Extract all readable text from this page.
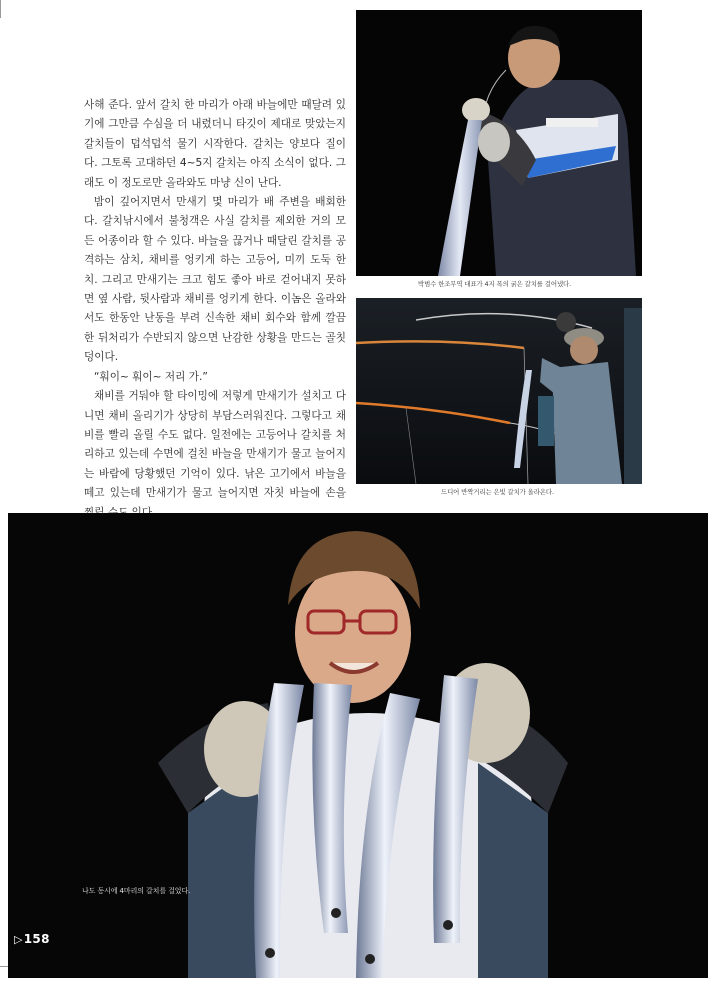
사해 준다. 앞서 갈치 한 마리가 아래 바늘에만 때달려 있기에 그만큼 수심을 더 내렸더니 타깃이 제대로 맞았는지 갈치들이 덥석덥석 물기 시작한다. 갈치는 양보다 질이다. 그토록 고대하던 4~5지 갈치는 아직 소식이 없다. 그래도 이 정도로만 올라와도 마냥 신이 난다.

밤이 깊어지면서 만새기 몇 마리가 배 주변을 배회한다. 갈치낚시에서 불청객은 사실 갈치를 제외한 거의 모든 어종이라 할 수 있다. 바늘을 끊거나 때달린 갈치를 공격하는 삼치, 채비를 엉키게 하는 고등어, 미끼 도둑 한치. 그리고 만새기는 크고 힘도 좋아 바로 걷어내지 못하면 옆 사람, 뒷사람과 채비를 엉키게 한다. 이놈은 올라와서도 한동안 난동을 부려 신속한 채비 회수와 함께 깔끔한 뒤처리가 수반되지 않으면 난감한 상황을 만드는 골칫덩이다.

“훠이~ 훠이~ 저리 가.”

채비를 거둬야 할 타이밍에 저렇게 만새기가 설치고 다니면 채비 올리기가 상당히 부담스러워진다. 그렇다고 채비를 빨리 올릴 수도 없다. 일전에는 고등어나 갈치를 처리하고 있는데 수면에 걸친 바늘을 만새기가 물고 늘어지는 바람에 당황했던 기억이 있다. 낚은 고기에서 바늘을 떼고 있는데 만새기가 물고 늘어지면 자칫 바늘에 손을

박범수 한조무역 대표가 4지 폭의 굵은 갈치를 걸어냈다.
드디어 반짝거리는 은빛 갈치가 올라온다.
나도 동시에 4마리의 갈치를 걸었다.
▷158
